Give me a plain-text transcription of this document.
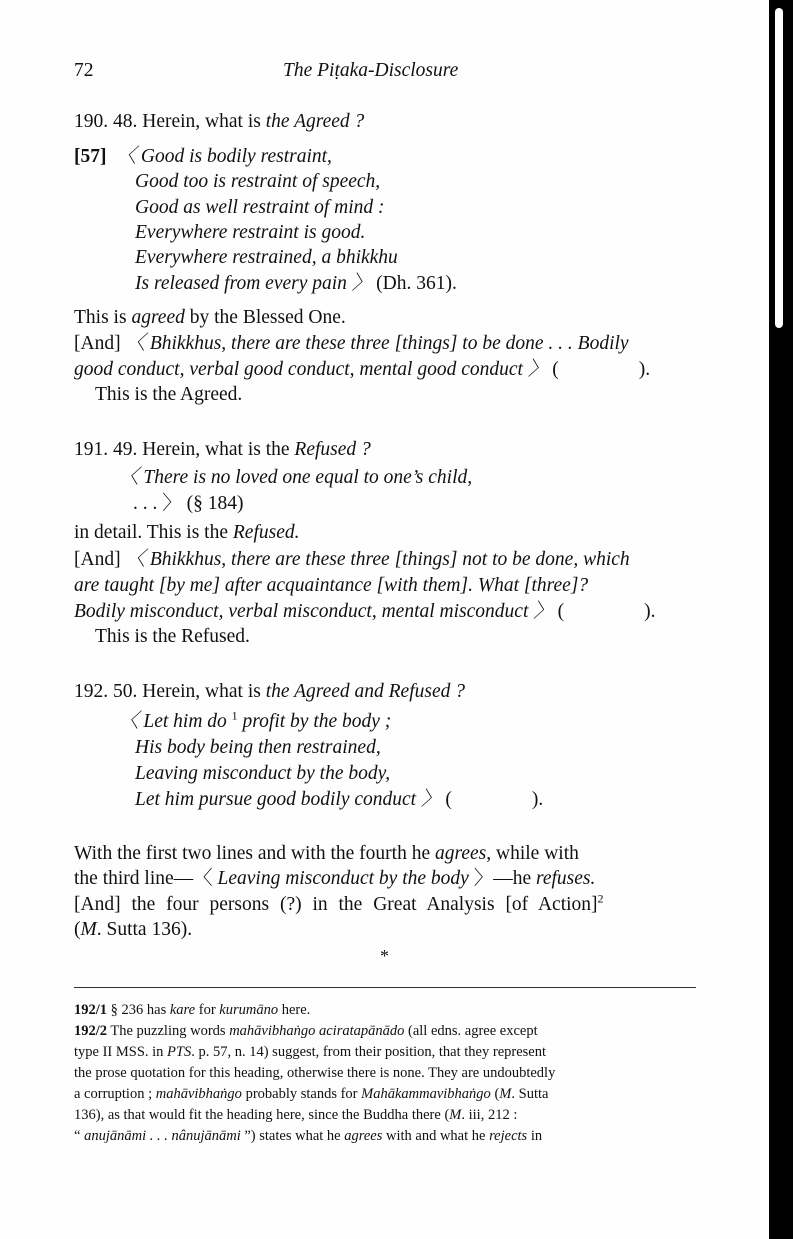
72	The Piṭaka-Disclosure
190. 48. Herein, what is the Agreed ?
[57] 〈 Good is bodily restraint,
Good too is restraint of speech,
Good as well restraint of mind :
Everywhere restraint is good.
Everywhere restrained, a bhikkhu
Is released from every pain 〉 (Dh. 361).
This is agreed by the Blessed One.
[And] 〈 Bhikkhus, there are these three [things] to be done . . . Bodily
good conduct, verbal good conduct, mental good conduct 〉 (	).
This is the Agreed.
191. 49. Herein, what is the Refused ?
〈 There is no loved one equal to one’s child,
. . . 〉 (§ 184)
in detail. This is the Refused.
[And] 〈 Bhikkhus, there are these three [things] not to be done, which
are taught [by me] after acquaintance [with them]. What [three]?
Bodily misconduct, verbal misconduct, mental misconduct 〉 (	).
This is the Refused.
192. 50. Herein, what is the Agreed and Refused ?
〈 Let him do $^1$ profit by the body ;
His body being then restrained,
Leaving misconduct by the body,
Let him pursue good bodily conduct 〉 (	).
With the first two lines and with the fourth he agrees, while with
the third line—〈 Leaving misconduct by the body 〉—he refuses.
[And] the four persons (?) in the Great Analysis [of Action]$^2$
(M. Sutta 136).
*
192/1 § 236 has kare for kurumāno here.
192/2 The puzzling words mahāvibhaṅgo aciratapānādo (all edns. agree except
type II MSS. in PTS. p. 57, n. 14) suggest, from their position, that they represent
the prose quotation for this heading, otherwise there is none. They are undoubtedly
a corruption ; mahāvibhaṅgo probably stands for Mahākammavibhaṅgo (M. Sutta
136), as that would fit the heading here, since the Buddha there (M. iii, 212 :
“ anujānāmi . . . nânujānāmi ”) states what he agrees with and what he rejects in
